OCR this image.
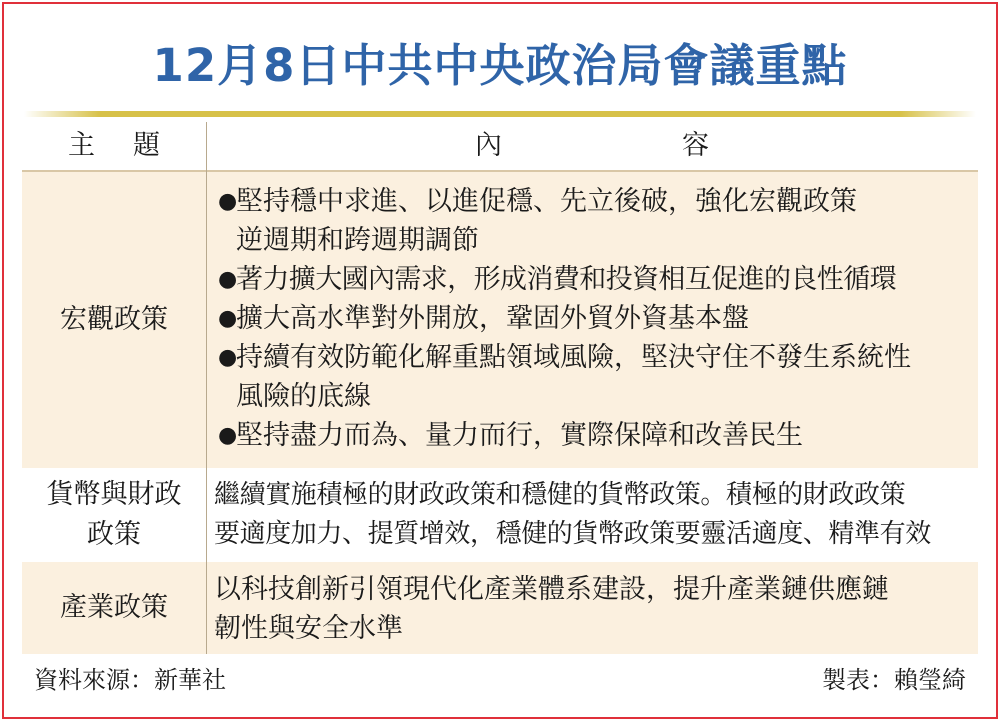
12月8日中共中央政治局會議重點
主題	內容
宏觀政策
●
堅持穩中求進、以進促穩、先立後破，強化宏觀政策
逆週期和跨週期調節
●
著力擴大國內需求，形成消費和投資相互促進的良性循環
●
擴大高水準對外開放，鞏固外貿外資基本盤
●
持續有效防範化解重點領域風險，堅決守住不發生系統性
風險的底線
●
堅持盡力而為、量力而行，實際保障和改善民生
貨幣與財政
政策
繼續實施積極的財政政策和穩健的貨幣政策。積極的財政政策
要適度加力、提質增效，穩健的貨幣政策要靈活適度、精準有效
產業政策
以科技創新引領現代化產業體系建設，提升產業鏈供應鏈
韌性與安全水準
資料來源：新華社	製表：賴瑩綺
